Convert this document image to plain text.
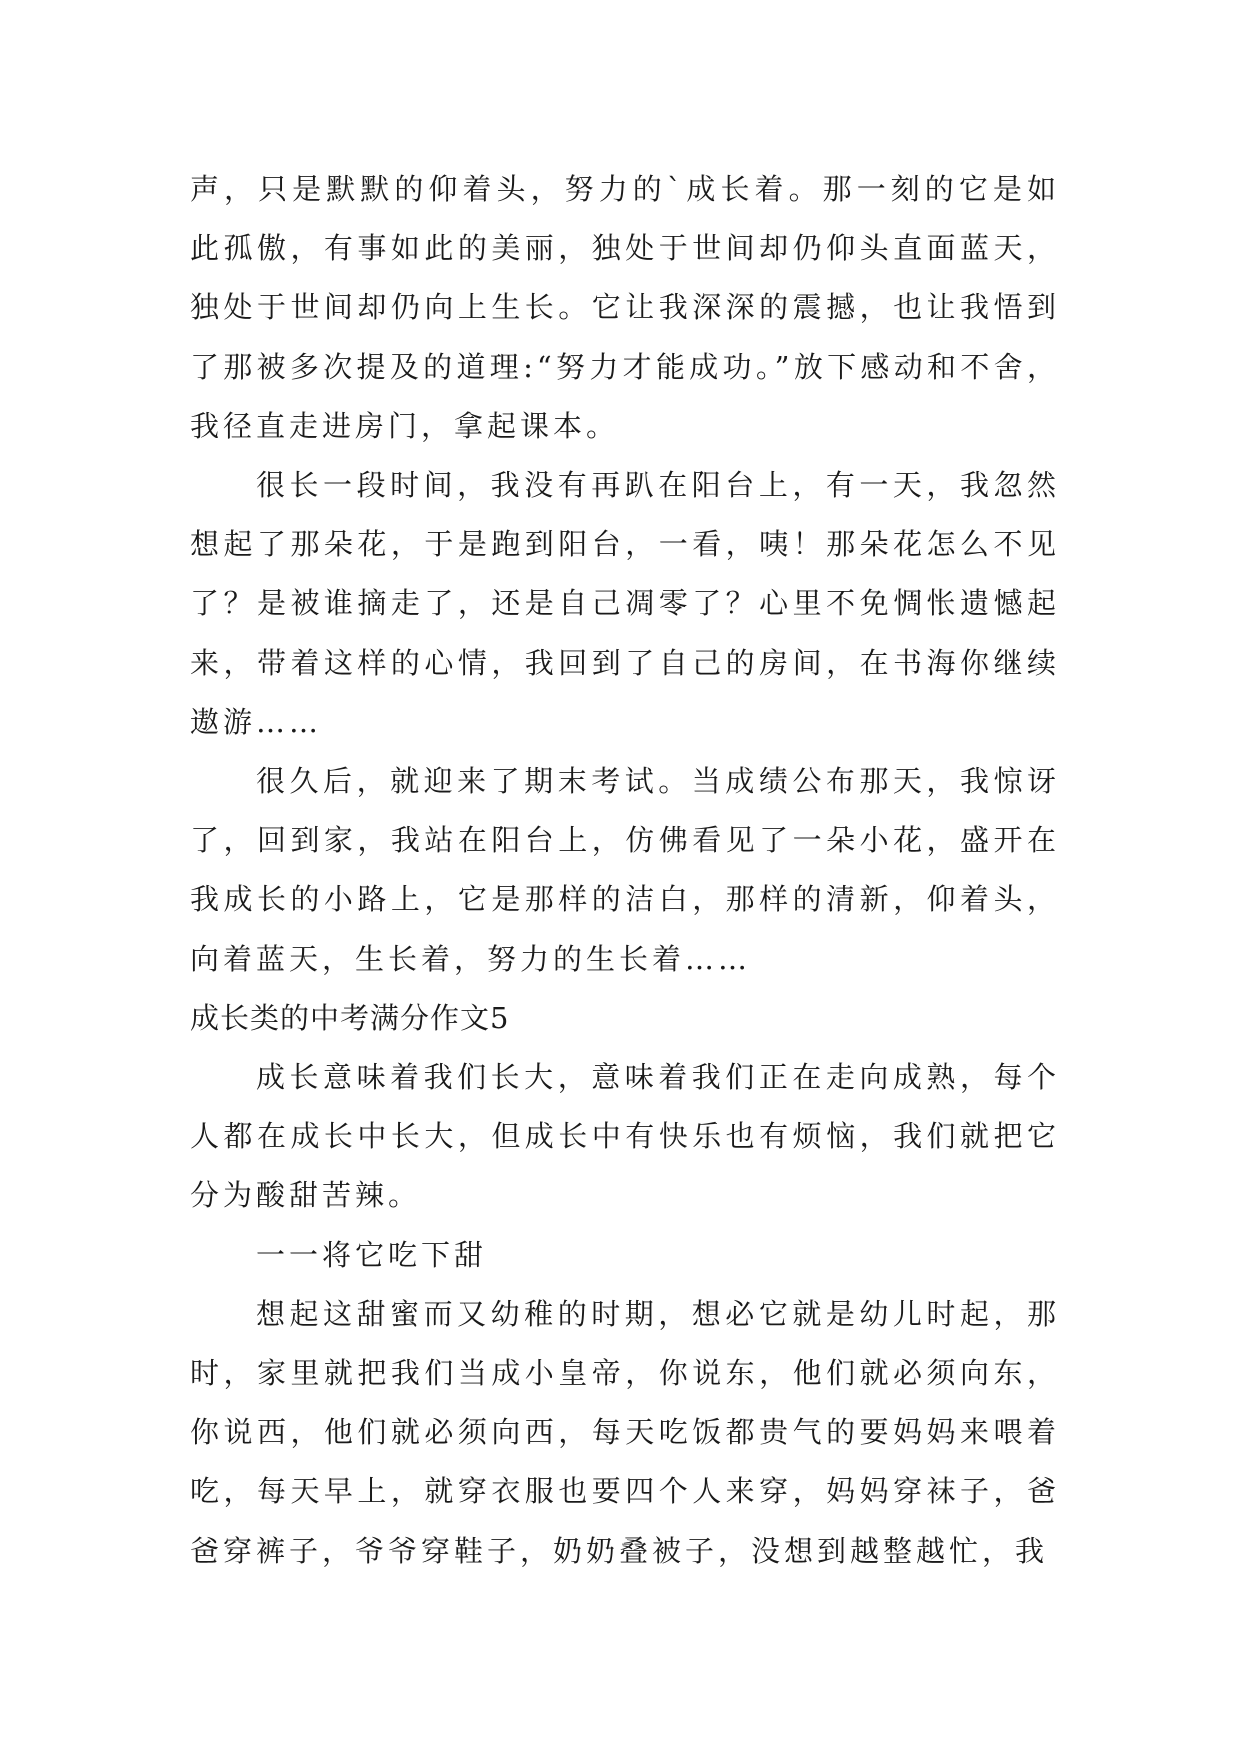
声，只是默默的仰着头，努力的`成长着。那一刻的它是如此孤傲，有事如此的美丽，独处于世间却仍仰头直面蓝天，独处于世间却仍向上生长。它让我深深的震撼，也让我悟到了那被多次提及的道理:“努力才能成功。”放下感动和不舍，我径直走进房门，拿起课本。

很长一段时间，我没有再趴在阳台上，有一天，我忽然想起了那朵花，于是跑到阳台，一看，咦！那朵花怎么不见了？是被谁摘走了，还是自己凋零了？心里不免惆怅遗憾起来，带着这样的心情，我回到了自己的房间，在书海你继续遨游……

很久后，就迎来了期末考试。当成绩公布那天，我惊讶了，回到家，我站在阳台上，仿佛看见了一朵小花，盛开在我成长的小路上，它是那样的洁白，那样的清新，仰着头，向着蓝天，生长着，努力的生长着……

成长类的中考满分作文5

成长意味着我们长大，意味着我们正在走向成熟，每个人都在成长中长大，但成长中有快乐也有烦恼，我们就把它分为酸甜苦辣。

一一将它吃下甜

想起这甜蜜而又幼稚的时期，想必它就是幼儿时起，那时，家里就把我们当成小皇帝，你说东，他们就必须向东，你说西，他们就必须向西，每天吃饭都贵气的要妈妈来喂着吃，每天早上，就穿衣服也要四个人来穿，妈妈穿袜子，爸爸穿裤子，爷爷穿鞋子，奶奶叠被子，没想到越整越忙，我
